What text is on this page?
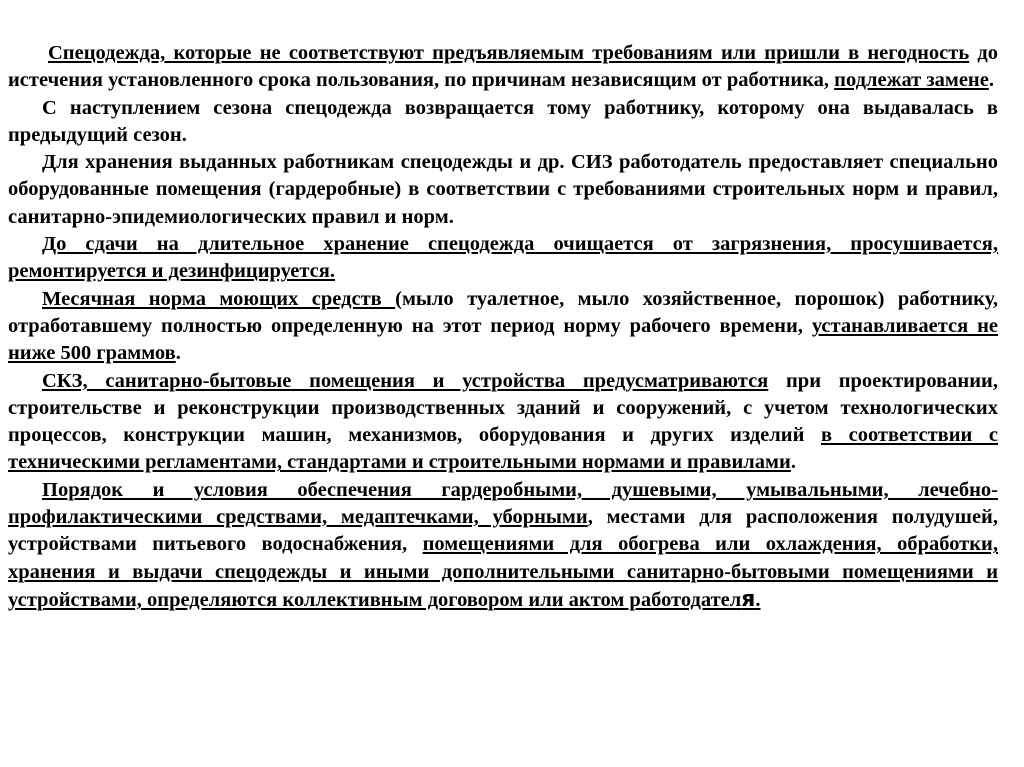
Спецодежда, которые не соответствуют предъявляемым требованиям или пришли в негодность до истечения установленного срока пользования, по причинам независящим от работника, подлежат замене.

С наступлением сезона спецодежда возвращается тому работнику, которому она выдавалась в предыдущий сезон.

Для хранения выданных работникам спецодежды и др. СИЗ работодатель предоставляет специально оборудованные помещения (гардеробные) в соответствии с требованиями строительных норм и правил, санитарно-эпидемиологических правил и норм.

До сдачи на длительное хранение спецодежда очищается от загрязнения, просушивается, ремонтируется и дезинфицируется.

Месячная норма моющих средств (мыло туалетное, мыло хозяйственное, порошок) работнику, отработавшему полностью определенную на этот период норму рабочего времени, устанавливается не ниже 500 граммов.

СКЗ, санитарно-бытовые помещения и устройства предусматриваются при проектировании, строительстве и реконструкции производственных зданий и сооружений, с учетом технологических процессов, конструкции машин, механизмов, оборудования и других изделий в соответствии с техническими регламентами, стандартами и строительными нормами и правилами.

Порядок и условия обеспечения гардеробными, душевыми, умывальными, лечебно-профилактическими средствами, медаптечками, уборными, местами для расположения полудушей, устройствами питьевого водоснабжения, помещениями для обогрева или охлаждения, обработки, хранения и выдачи спецодежды и иными дополнительными санитарно-бытовыми помещениями и устройствами, определяются коллективным договором или актом работодателя.
